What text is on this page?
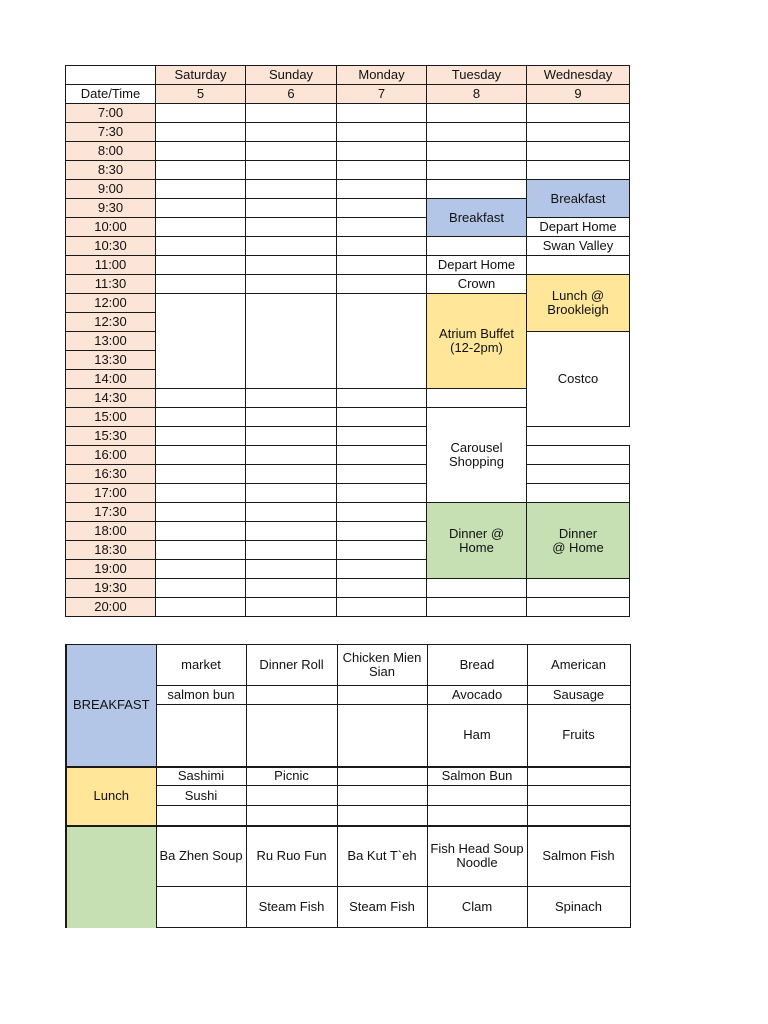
	Saturday	Sunday	Monday	Tuesday	Wednesday
Date/Time	5	6	7	8	9
7:00					
7:30					
8:00					
8:30					
9:00					Breakfast
9:30				Breakfast	
10:00					Depart Home
10:30					Swan Valley
11:00				Depart Home	
11:30				Crown	Lunch @ Brookleigh
12:00				Atrium Buffet (12-2pm)	
12:30					
13:00					Costco
13:30					
14:00					
14:30					
15:00				Carousel Shopping	
15:30					
16:00					
16:30					
17:00					
17:30				Dinner @ Home	Dinner @ Home
18:00					
18:30					
19:00					
19:30					
20:00					
BREAKFAST	market	Dinner Roll	Chicken Mien Sian	Bread	American
	salmon bun			Avocado	Sausage
				Ham	Fruits
Lunch	Sashimi	Picnic		Salmon Bun	
	Sushi				

	Ba Zhen Soup	Ru Ruo Fun	Ba Kut T`eh	Fish Head Soup Noodle	Salmon Fish
		Steam Fish	Steam Fish	Clam	Spinach
